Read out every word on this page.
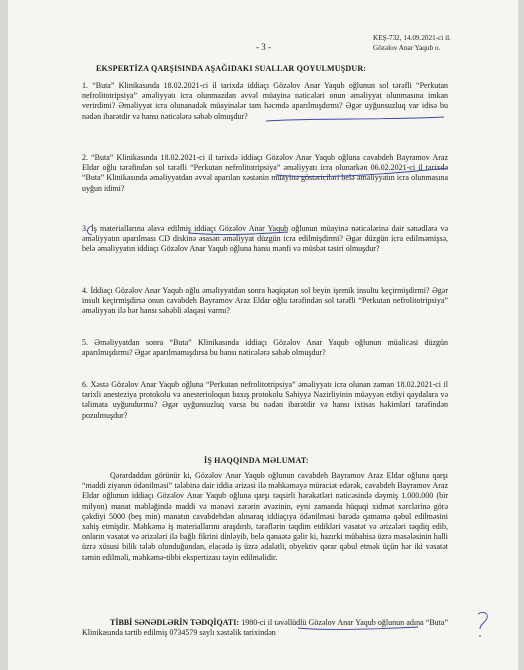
- 3 -
KEŞ-732, 14.09.2021-ci il.
Gözəlov Anar Yaqub o.
EKSPERTİZA QARŞISINDA AŞAĞIDAKI SUALLAR QOYULMUŞDUR:
1. “Buta” Klinikasında 18.02.2021-ci il tarixdə iddiaçı Gözəlov Anar Yaqub oğlunun sol tərəfli “Perkutan nefrolitotripsiya” əməliyyatı icra olunmazdan əvvəl müayinə nəticələri onun əməliyyat olunmasına imkan verirdimi? Əməliyyat icra olunanadək müayinələr tam həcmdə aparılmışdırmı? Əgər uyğunsuzluq var idisə bu nədən ibarətdir və hansı nəticələrə səbəb olmuşdur?
2. “Buta” Klinikasında 18.02.2021-ci il tarixdə iddiaçı Gözəlov Anar Yaqub oğluna cavabdeh Bayramov Araz Eldar oğlu tərəfindən sol tərəfli “Perkutan nefrolitotripsiya” əməliyyatı icra olunarkən 06.02.2021-ci il tarixdə “Buta” Klinikasında əməliyyatdan əvvəl aparılan xəstənin müayinə göstəriciləri belə əməliyyatın icra olunmasına uyğun idimi?
3. İş materiallarına əlavə edilmiş iddiaçı Gözəlov Anar Yaqub oğlunun müayinə nəticələrinə dair sənədlərə və əməliyyatın aparılması CD diskinə əsasən əməliyyat düzgün icra edilmişdirmi? Əgər düzgün icra edilməmişsə, belə əməliyyatın iddiaçı Gözəlov Anar Yaqub oğluna hansı mənfi və müsbət təsiri olmuşdur?
4. İddiaçı Gözəlov Anar Yaqub oğlu əməliyyatdan sonra həqiqətən sol beyin işemik insultu keçirmişdirmi? Əgər insult keçirmişdirsə onun cavabdeh Bayramov Araz Eldar oğlu tərəfindən sol tərəfli “Perkutan nefrolitotripsiya” əməliyyatı ilə hər hansı səbəbli əlaqəsi varmı?
5. Əməliyyatdan sonra “Buta” Klinikasında iddiaçı Gözəlov Anar Yaqub oğlunun müalicəsi düzgün aparılmışdırmı? Əgər aparılmamışdırsa bu hansı nəticələrə səbəb olmuşdur?
6. Xəstə Gözəlov Anar Yaqub oğluna “Perkutan nefrolitotripsiya” əməliyyatı icra olunan zaman 18.02.2021-ci il tarixli anesteziya protokolu və anesterioloqun baxış protokolu Səhiyyə Nazirliyinin müəyyən etdiyi qaydalara və təlimata uyğundurmu? Əgər uyğunsuzluq varsa bu nədən ibarətdir və hansı ixtisas həkimləri tərəfindən pozulmuşdur?
İŞ HAQQINDA MƏLUMAT:
Qərardaddan görünür ki, Gözəlov Anar Yaqub oğlunun cavabdeh Bayramov Araz Eldar oğluna qarşı “maddi ziyanın ödənilməsi” tələbinə dair iddia ərizəsi ilə məhkəməyə müraciət edərək, cavabdeh Bayramov Araz Eldar oğlunun iddiaçı Gözəlov Anar Yaqub oğluna qarşı təqsirli hərəkətləri nəticəsində dəymiş 1.000.000 (bir milyon) manat məbləğində maddi və mənəvi zərərin əvəzinin, eyni zamanda hüquqi xidmət xərclərinə görə çəkdiyi 5000 (beş min) manatın cavabdehdən alınaraq iddiaçıya ödənilməsi barədə qətnamə qəbul edilməsini xahiş etmişdir. Məhkəmə iş materiallarını araşdırıb, tərəflərin təqdim etdikləri vəsatət və ərizələri təqdiq edib, onların vəsatət və ərizələri ilə bağlı fikrini dinləyib, belə qənaətə gəlir ki, hazırki mübahisə üzrə məsələsinin halli üzrə xüsusi bilik tələb olunduğundan, elacədə iş üzrə ədalətli, obyektiv qərar qəbul etmək üçün hər iki vəsatət təmin edilməli, məhkəmə-tibbi ekspertizası təyin edilməlidir.
TİBBİ SƏNƏDLƏRİN TƏDQİQATI: 1980-ci il təvəllüdlü Gözəlov Anar Yaqub oğlunun adına “Buta” Klinikasında tərtib edilmiş 0734579 saylı xəstəlik tarixindən
